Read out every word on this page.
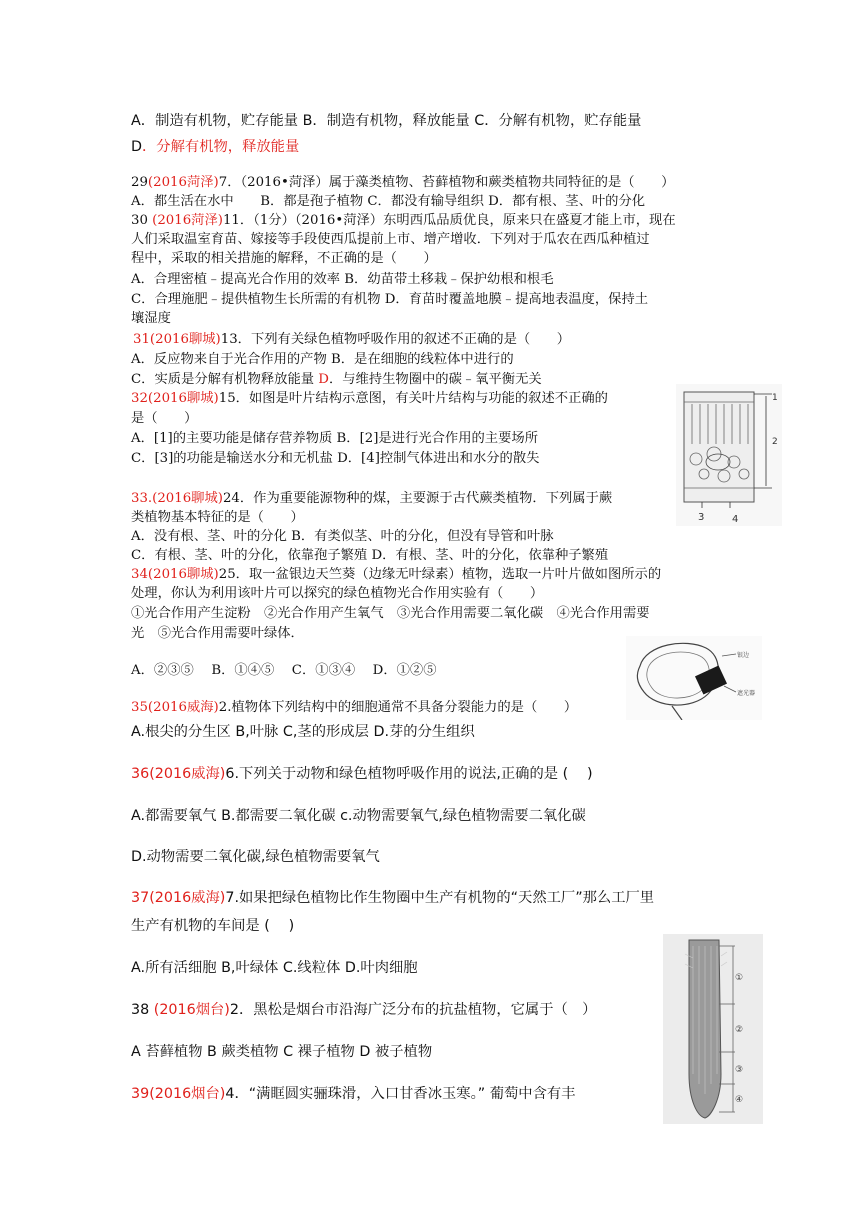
A．制造有机物，贮存能量 B．制造有机物，释放能量 C．分解有机物，贮存能量
D．分解有机物，释放能量
29(2016菏泽)7．（2016•菏泽）属于藻类植物、苔藓植物和蕨类植物共同特征的是（　　）
A．都生活在水中　　B．都是孢子植物 C．都没有输导组织 D．都有根、茎、叶的分化
30 (2016菏泽)11．（1分）（2016•菏泽）东明西瓜品质优良，原来只在盛夏才能上市，现在
人们采取温室育苗、嫁接等手段使西瓜提前上市、增产增收．下列对于瓜农在西瓜种植过
程中，采取的相关措施的解释，不正确的是（　　）
A．合理密植﹣提高光合作用的效率 B．幼苗带土移栽﹣保护幼根和根毛
C．合理施肥﹣提供植物生长所需的有机物 D．育苗时覆盖地膜﹣提高地表温度，保持土
壤湿度
31(2016聊城)13．下列有关绿色植物呼吸作用的叙述不正确的是（　　）
A．反应物来自于光合作用的产物 B．是在细胞的线粒体中进行的
C．实质是分解有机物释放能量 D．与维持生物圈中的碳﹣氧平衡无关
32(2016聊城)15．如图是叶片结构示意图，有关叶片结构与功能的叙述不正确的
是（　　）
A．[1]的主要功能是储存营养物质 B．[2]是进行光合作用的主要场所
C．[3]的功能是输送水分和无机盐 D．[4]控制气体进出和水分的散失
1
2
3	4
33.(2016聊城)24．作为重要能源物种的煤，主要源于古代蕨类植物．下列属于蕨
类植物基本特征的是（　　）
A．没有根、茎、叶的分化 B．有类似茎、叶的分化，但没有导管和叶脉
C．有根、茎、叶的分化，依靠孢子繁殖 D．有根、茎、叶的分化，依靠种子繁殖
34(2016聊城)25．取一盆银边天竺葵（边缘无叶绿素）植物，选取一片叶片做如图所示的
处理，你认为利用该叶片可以探究的绿色植物光合作用实验有（　　）
①光合作用产生淀粉　②光合作用产生氧气　③光合作用需要二氧化碳　④光合作用需要
光　⑤光合作用需要叶绿体．
A．②③⑤　 B．①④⑤　 C．①③④　 D．①②⑤
银边
遮光器
35(2016威海)2.植物体下列结构中的细胞通常不具备分裂能力的是（　　）
A.根尖的分生区 B,叶脉 C,茎的形成层 D.芽的分生组织
36(2016威海)6.下列关于动物和绿色植物呼吸作用的说法,正确的是 (　 )
A.都需要氧气 B.都需要二氧化碳 c.动物需要氧气,绿色植物需要二氧化碳
D.动物需要二氧化碳,绿色植物需要氧气
37(2016威海)7.如果把绿色植物比作生物圈中生产有机物的“天然工厂”那么工厂里
生产有机物的车间是 (　 )
A.所有活细胞 B,叶绿体 C.线粒体 D.叶肉细胞
①
②
③
④
38 (2016烟台)2．黑松是烟台市沿海广泛分布的抗盐植物，它属于（　）
A 苔藓植物 B 蕨类植物 C 裸子植物 D 被子植物
39(2016烟台)4．“满眶圆实骊珠滑，入口甘香冰玉寒。” 葡萄中含有丰
